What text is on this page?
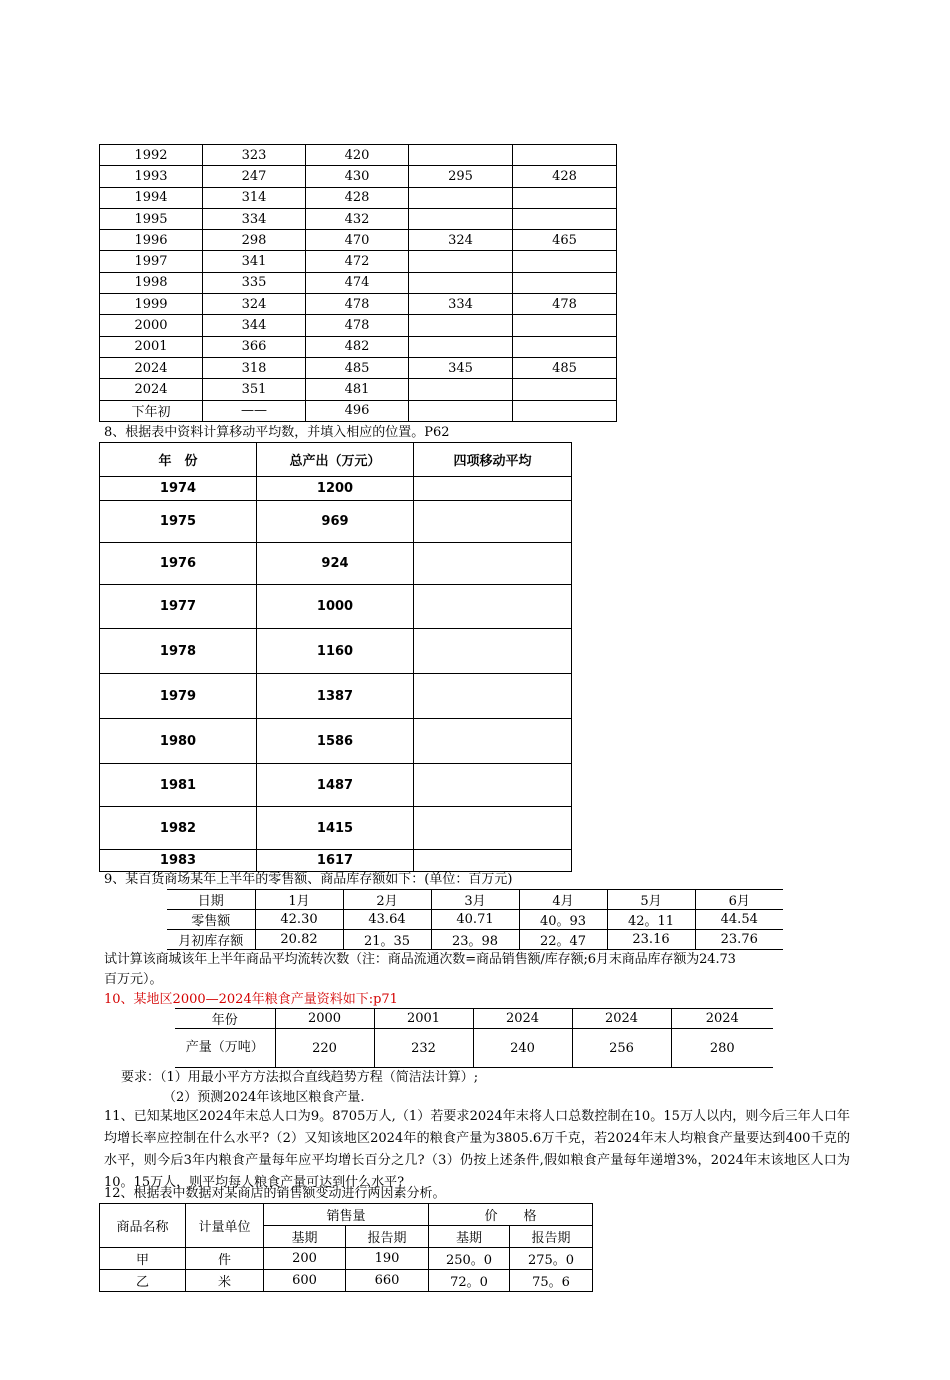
1992	323	420		
1993	247	430	295	428
1994	314	428		
1995	334	432		
1996	298	470	324	465
1997	341	472		
1998	335	474		
1999	324	478	334	478
2000	344	478		
2001	366	482		
2024	318	485	345	485
2024	351	481		
下年初	——	496		
8、根据表中资料计算移动平均数，并填入相应的位置。P62
年　份	总产出（万元）	四项移动平均
1974	1200	
1975	969	
1976	924	
1977	1000	
1978	1160	
1979	1387	
1980	1586	
1981	1487	
1982	1415	
1983	1617	
9、某百货商场某年上半年的零售额、商品库存额如下：(单位：百万元)
日期	1月	2月	3月	4月	5月	6月
零售额	42.30	43.64	40.71	40。93	42。11	44.54
月初库存额	20.82	21。35	23。98	22。47	23.16	23.76
试计算该商城该年上半年商品平均流转次数（注：商品流通次数=商品销售额/库存额;6月末商品库存额为24.73
百万元）。
10、某地区2000—2024年粮食产量资料如下:p71
年份	2000	2001	2024	2024	2024
产量（万吨）	220	232	240	256	280
要求：（1）用最小平方方法拟合直线趋势方程（简洁法计算）;
（2）预测2024年该地区粮食产量.
11、已知某地区2024年末总人口为9。8705万人,（1）若要求2024年末将人口总数控制在10。15万人以内，则今后三年人口年均增长率应控制在什么水平?（2）又知该地区2024年的粮食产量为3805.6万千克，若2024年末人均粮食产量要达到400千克的水平，则今后3年内粮食产量每年应平均增长百分之几?（3）仍按上述条件,假如粮食产量每年递增3%，2024年末该地区人口为10。15万人，则平均每人粮食产量可达到什么水平?
12、根据表中数据对某商店的销售额变动进行两因素分析。
商品名称	计量单位	销售量		价　　格	
		基期	报告期	基期	报告期
甲	件	200	190	250。0	275。0
乙	米	600	660	72。0	75。6
